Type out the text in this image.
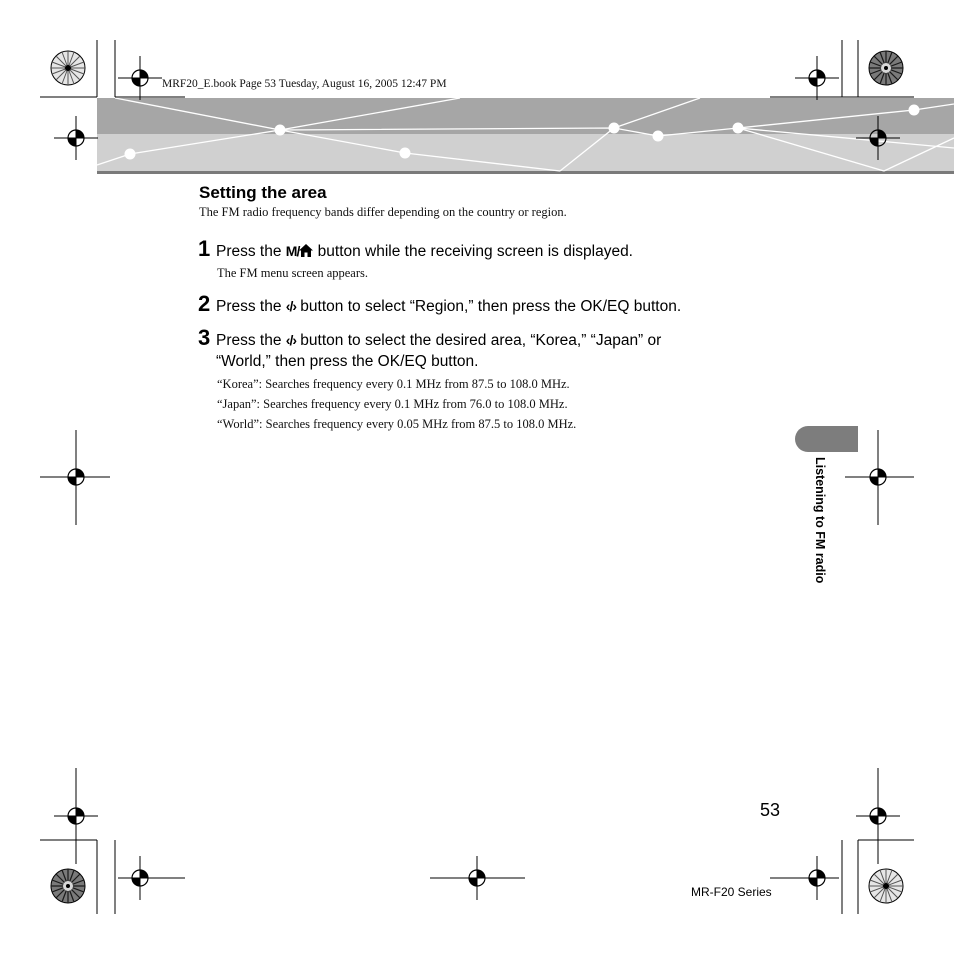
MRF20_E.book Page 53 Tuesday, August 16, 2005 12:47 PM
Setting the area
The FM radio frequency bands differ depending on the country or region.
1 Press the M/ button while the receiving screen is displayed.
The FM menu screen appears.
2 Press the ‹/› button to select “Region,” then press the OK/EQ button.
3 Press the ‹/› button to select the desired area, “Korea,” “Japan” or
“World,” then press the OK/EQ button.
“Korea”: Searches frequency every 0.1 MHz from 87.5 to 108.0 MHz.
“Japan”: Searches frequency every 0.1 MHz from 76.0 to 108.0 MHz.
“World”: Searches frequency every 0.05 MHz from 87.5 to 108.0 MHz.
Listening to FM radio
53
MR-F20 Series
